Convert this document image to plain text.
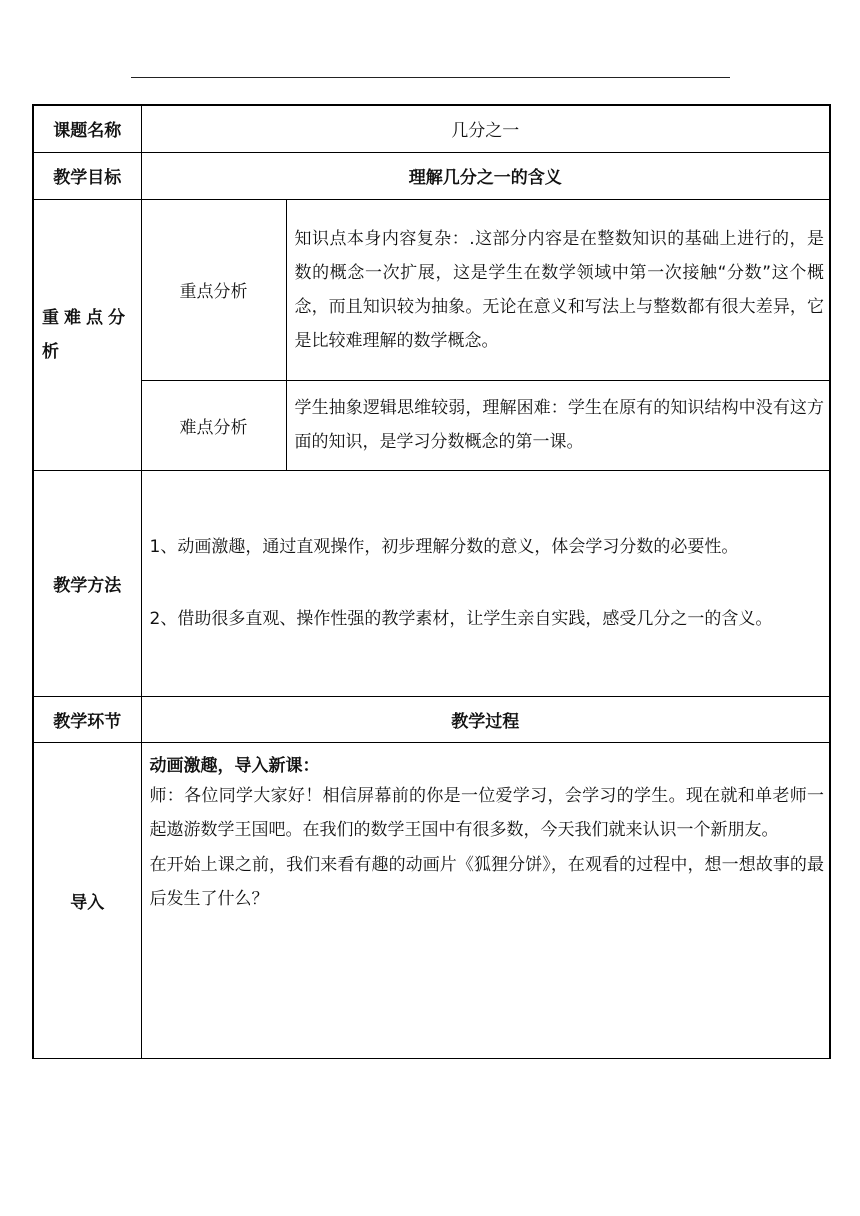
课题名称	几分之一	
教学目标	理解几分之一的含义	
重难点分析	重点分析	知识点本身内容复杂：.这部分内容是在整数知识的基础上进行的，是数的概念一次扩展，这是学生在数学领域中第一次接触“分数”这个概念，而且知识较为抽象。无论在意义和写法上与整数都有很大差异，它是比较难理解的数学概念。
	难点分析	学生抽象逻辑思维较弱，理解困难：学生在原有的知识结构中没有这方面的知识，是学习分数概念的第一课。
教学方法	1、动画激趣，通过直观操作，初步理解分数的意义，体会学习分数的必要性。

2、借助很多直观、操作性强的教学素材，让学生亲自实践，感受几分之一的含义。	

教学环节	教学过程	
导入	动画激趣，导入新课：

师：各位同学大家好！相信屏幕前的你是一位爱学习，会学习的学生。现在就和单老师一起遨游数学王国吧。在我们的数学王国中有很多数，今天我们就来认识一个新朋友。

在开始上课之前，我们来看有趣的动画片《狐狸分饼》，在观看的过程中，想一想故事的最后发生了什么？	
